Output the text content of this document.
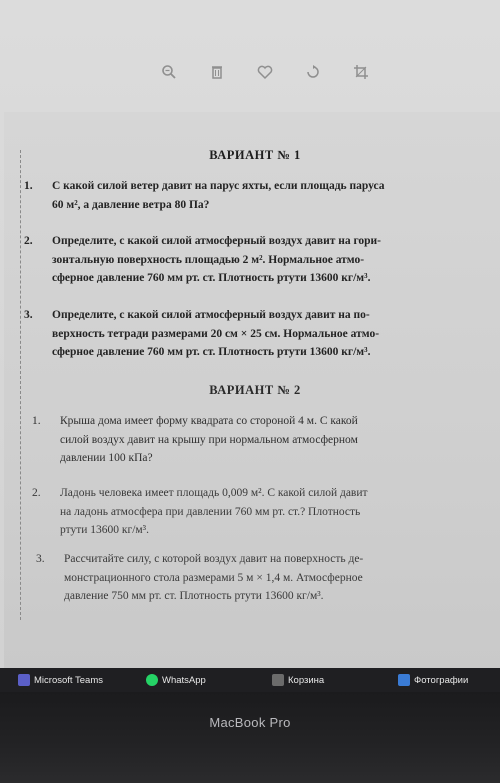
ВАРИАНТ № 1
1. С какой силой ветер давит на парус яхты, если площадь паруса
60 м², а давление ветра 80 Па?
2. Определите, с какой силой атмосферный воздух давит на гори-
зонтальную поверхность площадью 2 м². Нормальное атмо-
сферное давление 760 мм рт. ст. Плотность ртути 13600 кг/м³.
3. Определите, с какой силой атмосферный воздух давит на по-
верхность тетради размерами 20 см × 25 см. Нормальное атмо-
сферное давление 760 мм рт. ст. Плотность ртути 13600 кг/м³.
ВАРИАНТ № 2
1. Крыша дома имеет форму квадрата со стороной 4 м. С какой
силой воздух давит на крышу при нормальном атмосферном
давлении 100 кПа?
2. Ладонь человека имеет площадь 0,009 м². С какой силой давит
на ладонь атмосфера при давлении 760 мм рт. ст.? Плотность
ртути 13600 кг/м³.
3. Рассчитайте силу, с которой воздух давит на поверхность де-
монстрационного стола размерами 5 м × 1,4 м. Атмосферное
давление 750 мм рт. ст. Плотность ртути 13600 кг/м³.
Microsoft Teams	WhatsApp	Корзина	Фотографии
MacBook Pro
